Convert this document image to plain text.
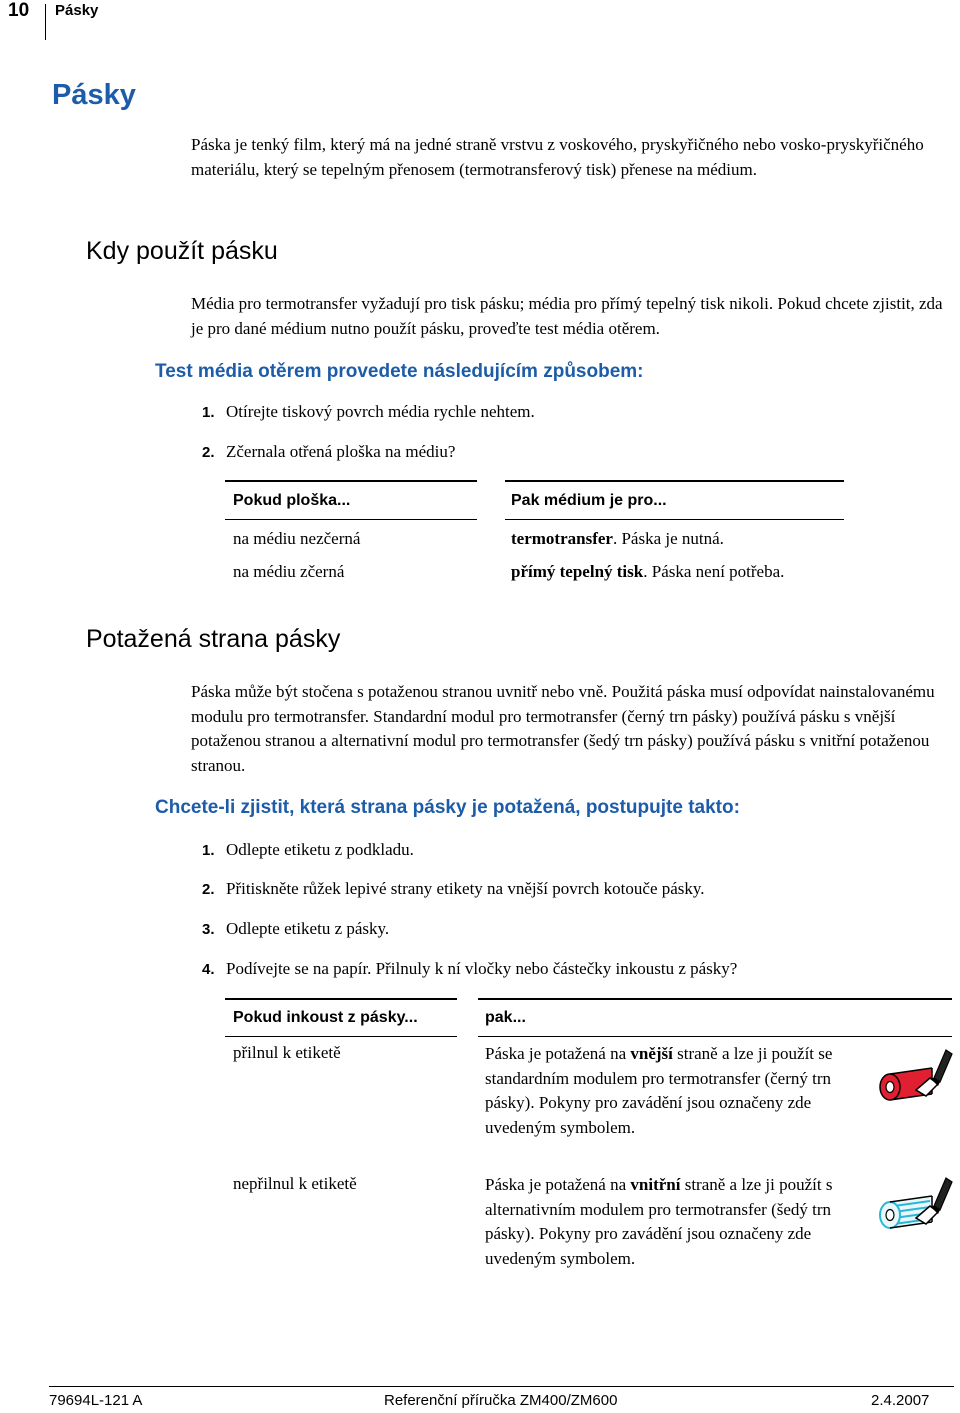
10 Pásky
Pásky
Páska je tenký film, který má na jedné straně vrstvu z voskového, pryskyřičného nebo vosko-pryskyřičného materiálu, který se tepelným přenosem (termotransferový tisk) přenese na médium.
Kdy použít pásku
Média pro termotransfer vyžadují pro tisk pásku; média pro přímý tepelný tisk nikoli. Pokud chcete zjistit, zda je pro dané médium nutno použít pásku, proveďte test média otěrem.
Test média otěrem provedete následujícím způsobem:
1. Otírejte tiskový povrch média rychle nehtem.
2. Zčernala otřená ploška na médiu?
Pokud ploška...	Pak médium je pro...
na médiu nezčerná	termotransfer. Páska je nutná.
na médiu zčerná	přímý tepelný tisk. Páska není potřeba.
Potažená strana pásky
Páska může být stočena s potaženou stranou uvnitř nebo vně. Použitá páska musí odpovídat nainstalovanému modulu pro termotransfer. Standardní modul pro termotransfer (černý trn pásky) používá pásku s vnější potaženou stranou a alternativní modul pro termotransfer (šedý trn pásky) používá pásku s vnitřní potaženou stranou.
Chcete-li zjistit, která strana pásky je potažená, postupujte takto:
1. Odlepte etiketu z podkladu.
2. Přitiskněte růžek lepivé strany etikety na vnější povrch kotouče pásky.
3. Odlepte etiketu z pásky.
4. Podívejte se na papír. Přilnuly k ní vločky nebo částečky inkoustu z pásky?
Pokud inkoust z pásky...	pak...
přilnul k etiketě	Páska je potažená na vnější straně a lze ji použít se standardním modulem pro termotransfer (černý trn pásky). Pokyny pro zavádění jsou označeny zde uvedeným symbolem.
nepřilnul k etiketě	Páska je potažená na vnitřní straně a lze ji použít s alternativním modulem pro termotransfer (šedý trn pásky). Pokyny pro zavádění jsou označeny zde uvedeným symbolem.
79694L-121 A	Referenční příručka ZM400/ZM600	2.4.2007
